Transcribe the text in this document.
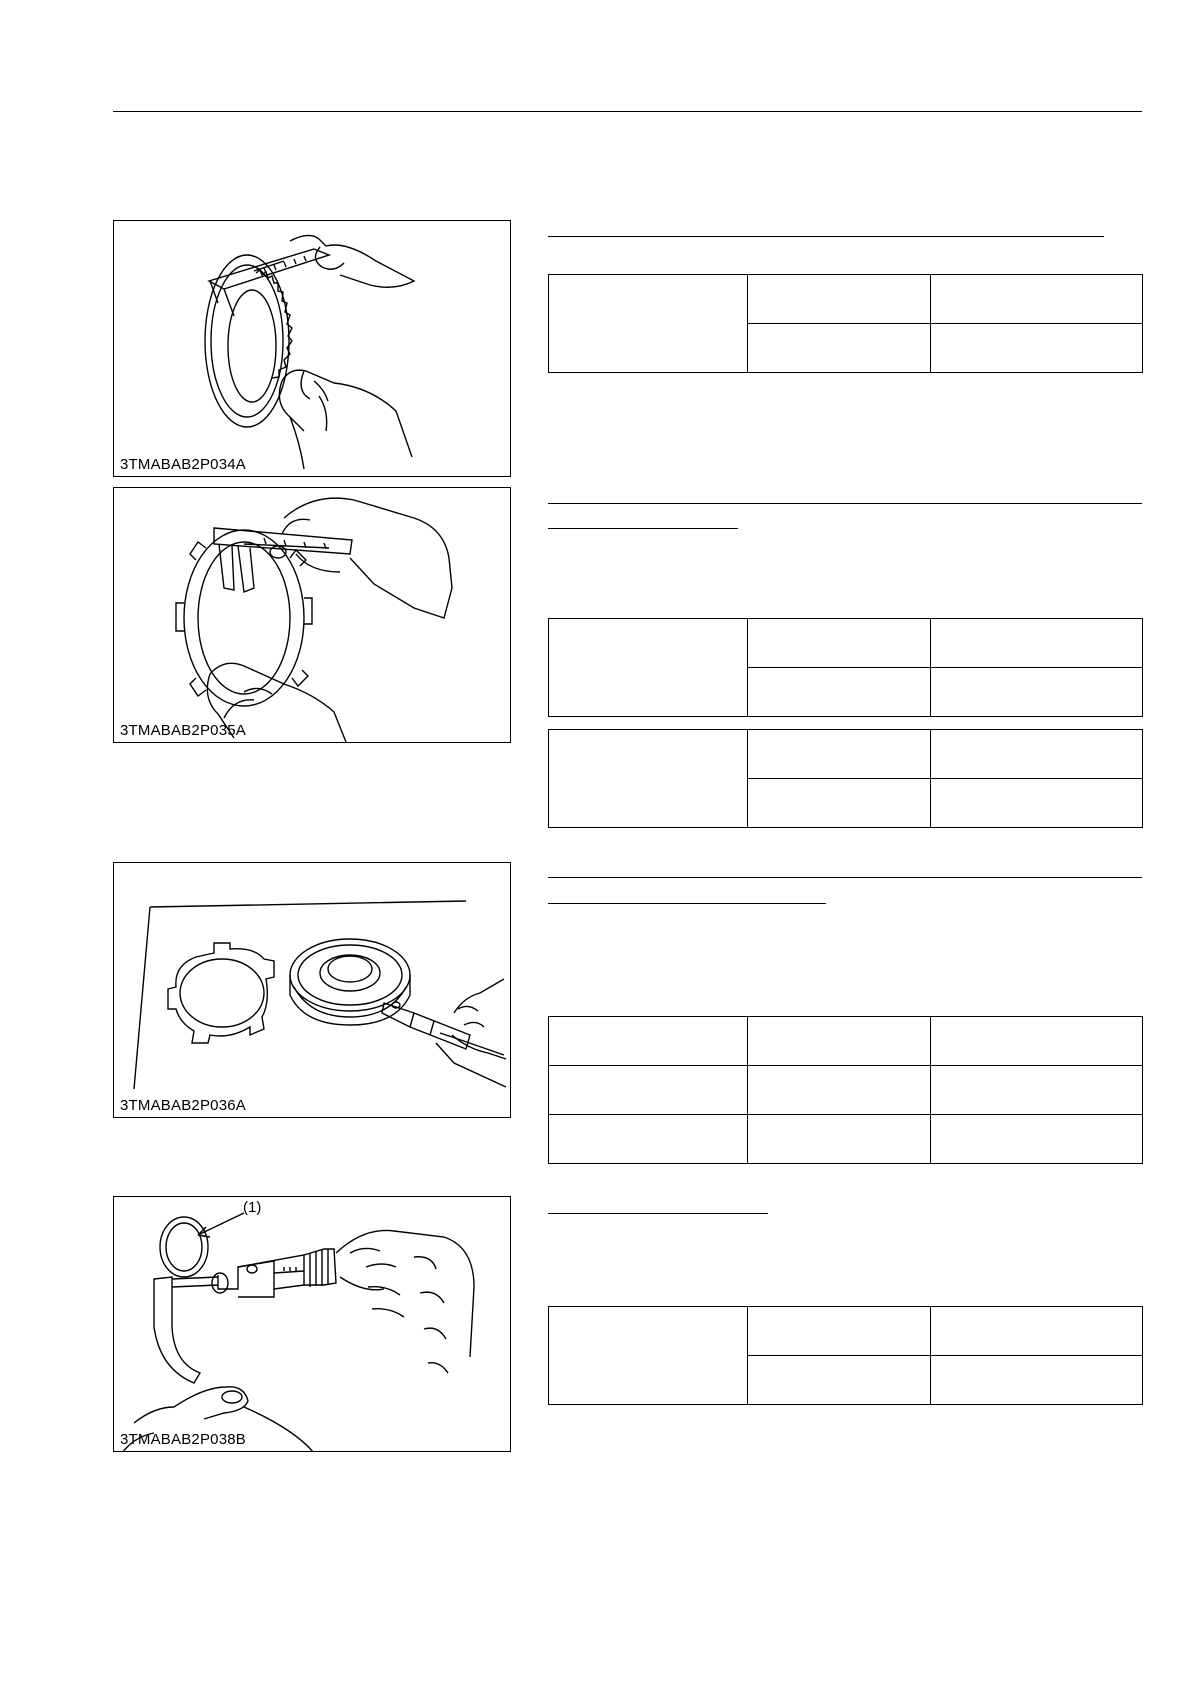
3TMABAB2P034A
3TMABAB2P035A
3TMABAB2P036A
(1)
3TMABAB2P038B
